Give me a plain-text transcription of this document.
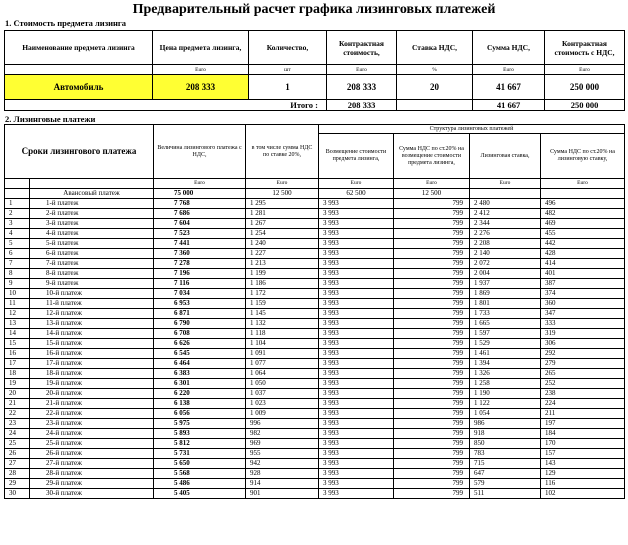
Предварительный расчет графика лизинговых платежей
1. Стоимость предмета лизинга
Наименование предмета лизинга	Цена предмета лизинга,	Количество,	Контрактная стоимость,	Ставка НДС,	Сумма НДС,	Контрактная стоимость с НДС,
	Euro	шт	Euro	%	Euro	Euro
Автомобиль	208 333	1	208 333	20	41 667	250 000
Итого :			208 333		41 667	250 000
2. Лизинговые платежи
Сроки лизингового платежа		Величина лизингового платежа с НДС,	в том числе сумма НДС по ставке 20%,	Структура лизинговых платежей			
				Возмещение стоимости предмета лизинга,	Сумма НДС по ст.20% на возмещение стоимости предмета лизинга,	Лизинговая ставка,	Сумма НДС по ст.20% на лизинговую ставку,
		Euro	Euro	Euro	Euro	Euro	Euro
	Авансовый платеж	75 000	12 500	62 500	12 500		
1	1-й платеж	7 768	1 295	3 993	799	2 480	496
2	2-й платеж	7 686	1 281	3 993	799	2 412	482
3	3-й платеж	7 604	1 267	3 993	799	2 344	469
4	4-й платеж	7 523	1 254	3 993	799	2 276	455
5	5-й платеж	7 441	1 240	3 993	799	2 208	442
6	6-й платеж	7 360	1 227	3 993	799	2 140	428
7	7-й платеж	7 278	1 213	3 993	799	2 072	414
8	8-й платеж	7 196	1 199	3 993	799	2 004	401
9	9-й платеж	7 116	1 186	3 993	799	1 937	387
10	10-й платеж	7 034	1 172	3 993	799	1 869	374
11	11-й платеж	6 953	1 159	3 993	799	1 801	360
12	12-й платеж	6 871	1 145	3 993	799	1 733	347
13	13-й платеж	6 790	1 132	3 993	799	1 665	333
14	14-й платеж	6 708	1 118	3 993	799	1 597	319
15	15-й платеж	6 626	1 104	3 993	799	1 529	306
16	16-й платеж	6 545	1 091	3 993	799	1 461	292
17	17-й платеж	6 464	1 077	3 993	799	1 394	279
18	18-й платеж	6 383	1 064	3 993	799	1 326	265
19	19-й платеж	6 301	1 050	3 993	799	1 258	252
20	20-й платеж	6 220	1 037	3 993	799	1 190	238
21	21-й платеж	6 138	1 023	3 993	799	1 122	224
22	22-й платеж	6 056	1 009	3 993	799	1 054	211
23	23-й платеж	5 975	996	3 993	799	986	197
24	24-й платеж	5 893	982	3 993	799	918	184
25	25-й платеж	5 812	969	3 993	799	850	170
26	26-й платеж	5 731	955	3 993	799	783	157
27	27-й платеж	5 650	942	3 993	799	715	143
28	28-й платеж	5 568	928	3 993	799	647	129
29	29-й платеж	5 486	914	3 993	799	579	116
30	30-й платеж	5 405	901	3 993	799	511	102
